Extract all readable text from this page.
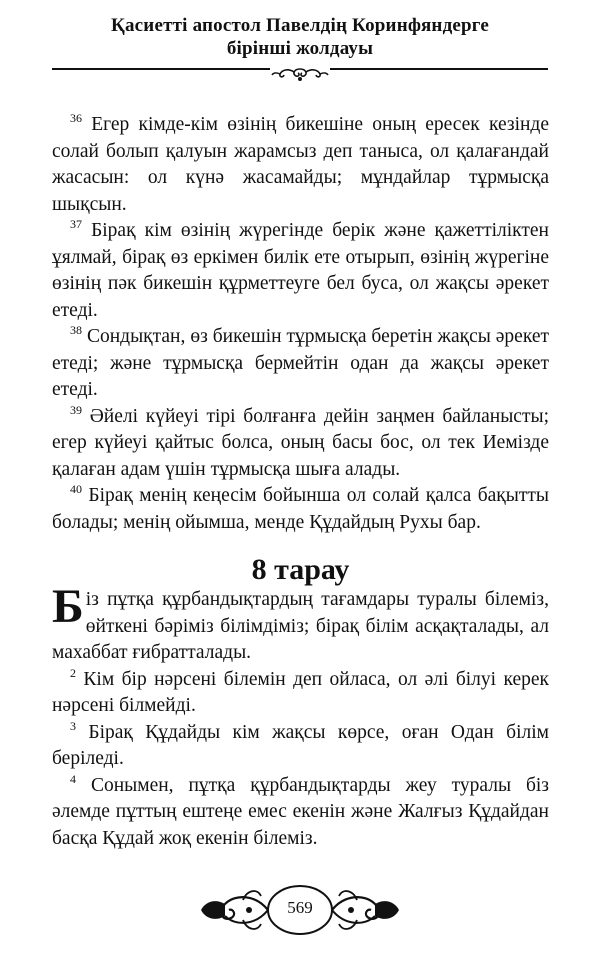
Қасиетті апостол Павелдің Коринфяндерге
бірінші жолдауы
$^{36}$ Егер кімде-кім өзінің бикешіне оның ересек кезінде солай болып қалуын жарамсыз деп таныса, ол қалағандай жасасын: ол күнә жасамайды; мұндайлар тұрмысқа шықсын.
$^{37}$ Бірақ кім өзінің жүрегінде берік және қажеттіліктен ұялмай, бірақ өз еркімен билік ете отырып, өзінің жүрегіне өзінің пәк бикешін құрметтеуге бел буса, ол жақсы әрекет етеді.
$^{38}$ Сондықтан, өз бикешін тұрмысқа беретін жақсы әрекет етеді; және тұрмысқа бермейтін одан да жақсы әрекет етеді.
$^{39}$ Әйелі күйеуі тірі болғанға дейін заңмен байланысты; егер күйеуі қайтыс болса, оның басы бос, ол тек Иемізде қалаған адам үшін тұрмысқа шыға алады.
$^{40}$ Бірақ менің кеңесім бойынша ол солай қалса бақытты болады; менің ойымша, менде Құдайдың Рухы бар.
8 тарау
Біз пұтқа құрбандықтардың тағамдары туралы білеміз, өйткені бәріміз білімдіміз; бірақ білім асқақталады, ал махаббат ғибратталады.
$^2$ Кім бір нәрсені білемін деп ойласа, ол әлі білуі керек нәрсені білмейді.
$^3$ Бірақ Құдайды кім жақсы көрсе, оған Одан білім беріледі.
$^4$ Сонымен, пұтқа құрбандықтарды жеу туралы біз әлемде пұттың ештеңе емес екенін және Жалғыз Құдайдан басқа Құдай жоқ екенін білеміз.
569
